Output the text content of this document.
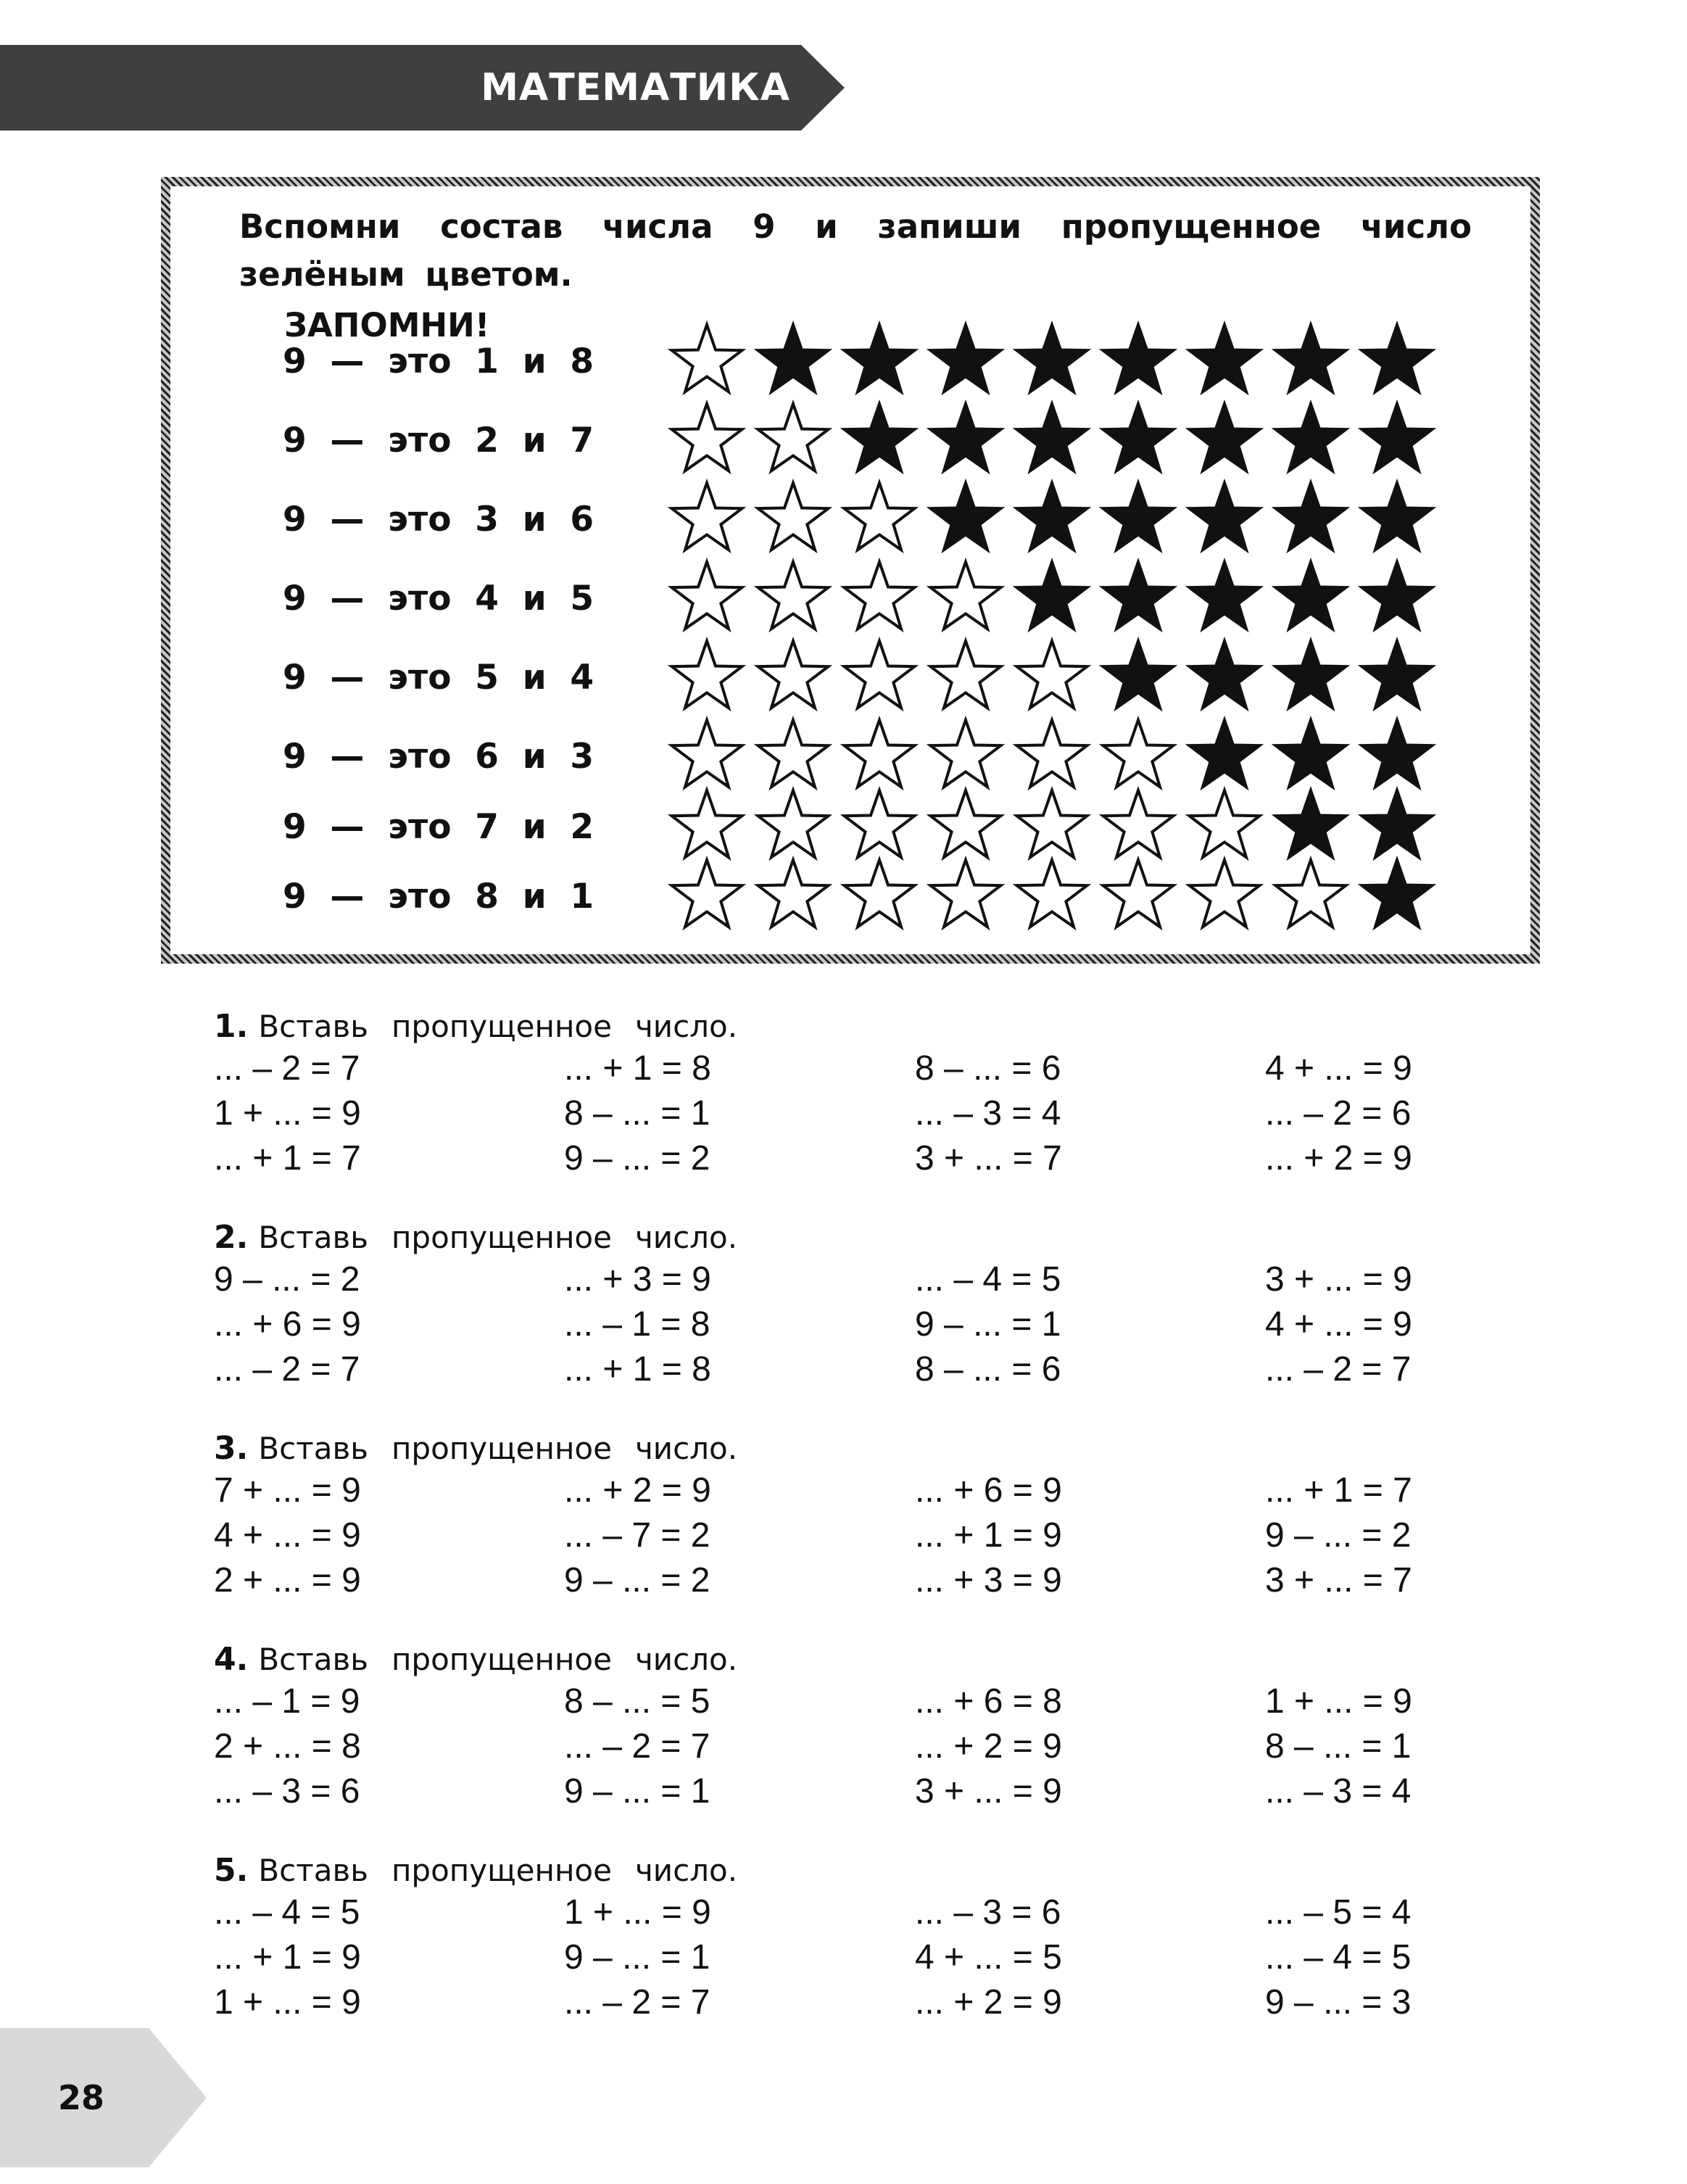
МАТЕМАТИКА
Вспомни состав числа 9 и запиши пропущенное число зелёным цветом.
ЗАПОМНИ!
9  —  это  1  и  8
9  —  это  2  и  7
9  —  это  3  и  6
9  —  это  4  и  5
9  —  это  5  и  4
9  —  это  6  и  3
9  —  это  7  и  2
9  —  это  8  и  1
1. Вставь пропущенное число.
... – 2 = 7
1 + ... = 9
... + 1 = 7
... + 1 = 8
8 – ... = 1
9 – ... = 2
8 – ... = 6
... – 3 = 4
3 + ... = 7
4 + ... = 9
... – 2 = 6
... + 2 = 9
2. Вставь пропущенное число.
9 – ... = 2
... + 6 = 9
... – 2 = 7
... + 3 = 9
... – 1 = 8
... + 1 = 8
... – 4 = 5
9 – ... = 1
8 – ... = 6
3 + ... = 9
4 + ... = 9
... – 2 = 7
3. Вставь пропущенное число.
7 + ... = 9
4 + ... = 9
2 + ... = 9
... + 2 = 9
... – 7 = 2
9 – ... = 2
... + 6 = 9
... + 1 = 9
... + 3 = 9
... + 1 = 7
9 – ... = 2
3 + ... = 7
4. Вставь пропущенное число.
... – 1 = 9
2 + ... = 8
... – 3 = 6
8 – ... = 5
... – 2 = 7
9 – ... = 1
... + 6 = 8
... + 2 = 9
3 + ... = 9
1 + ... = 9
8 – ... = 1
... – 3 = 4
5. Вставь пропущенное число.
... – 4 = 5
... + 1 = 9
1 + ... = 9
1 + ... = 9
9 – ... = 1
... – 2 = 7
... – 3 = 6
4 + ... = 5
... + 2 = 9
... – 5 = 4
... – 4 = 5
9 – ... = 3
28
